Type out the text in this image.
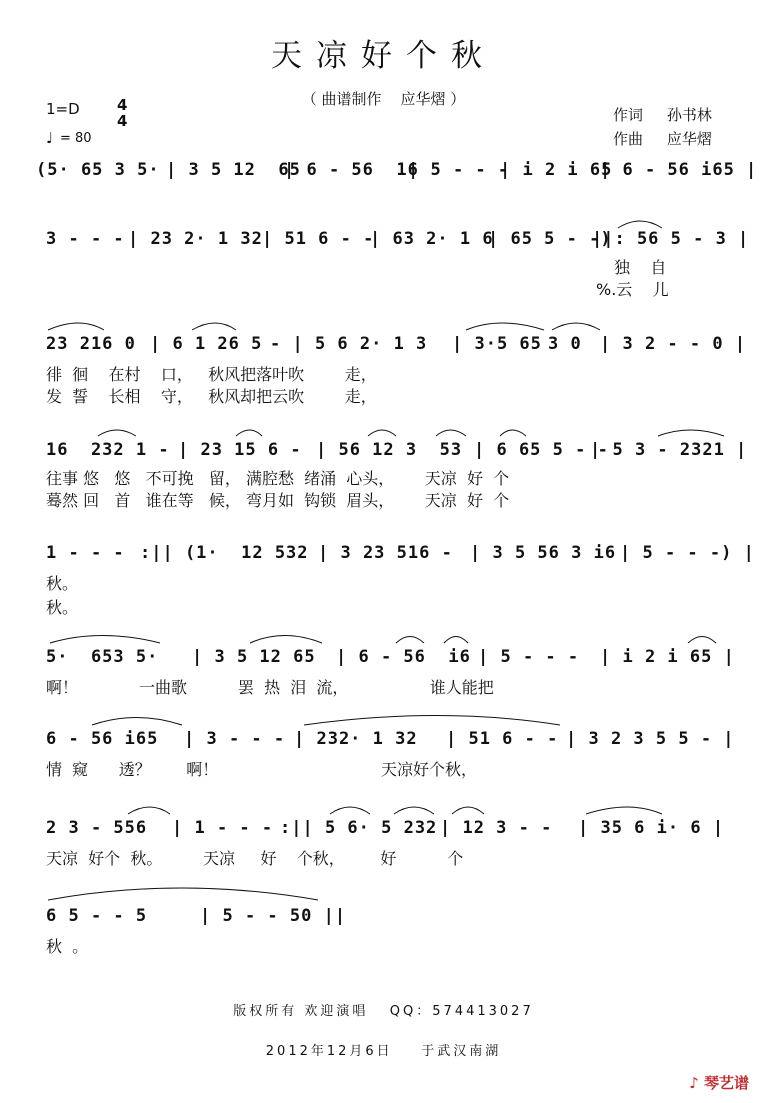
天凉好个秋
（ 曲谱制作    应华熠 ）
1=D 4
4
♩ = 80
作词     孙书林
作曲     应华熠
(5· 65 3 5· | 3 5 12  65
| 6 - 56  16
| 5 - - -
| i 2 i 65
| 6 - 56 i65 |
3 - - - | 23 2· 1 32 | 51 6 - -
| 63 2· 1 6
| 65 5 - -)
||: 56 5 - 3 |
独    自
%.云    儿
23 216 0 | 6 1 26 5 - | 5 6 2· 1 3 | 3·5 65 3 0 | 3 2 - - 0 |
徘  徊    在村    口，   秋风把落叶吹        走，
发  誓    长相    守，   秋风却把云吹        走，
16  232 1 - | 23 15 6 - | 56 12 3  53 | 6 65 5 - -
| 5 3 - 2321 |
往事 悠   悠   不可挽   留， 满腔愁  绪涌  心头，      天凉  好  个
蓦然 回   首   谁在等   候， 弯月如  钩锁  眉头，      天凉  好  个
1 - - - :|| (1·  12 532 | 3 23 516 - | 3 5 56 3 i6 | 5 - - -) |
秋。
秋。
5·  653 5· | 3 5 12 65 | 6 - 56  i6 | 5 - - - | i 2 i 65 |
啊！            一曲歌          罢  热  泪  流，                谁人能把
6 - 56 i65 | 3 - - - | 232· 1 32 | 51 6 - - | 3 2 3 5 5 - |
情  窥      透？       啊！                                天凉好个秋，
2 3 - 556 | 1 - - - :|| 5 6· 5 232 | 12 3 - - | 35 6 i· 6 |
天凉  好个  秋。        天凉     好    个秋，       好          个
6 5 - - 5	| 5 - - 50 ||
秋  。
版权所有 欢迎演唱   QQ：574413027
2012年12月6日    于武汉南湖

♪ 琴艺谱
